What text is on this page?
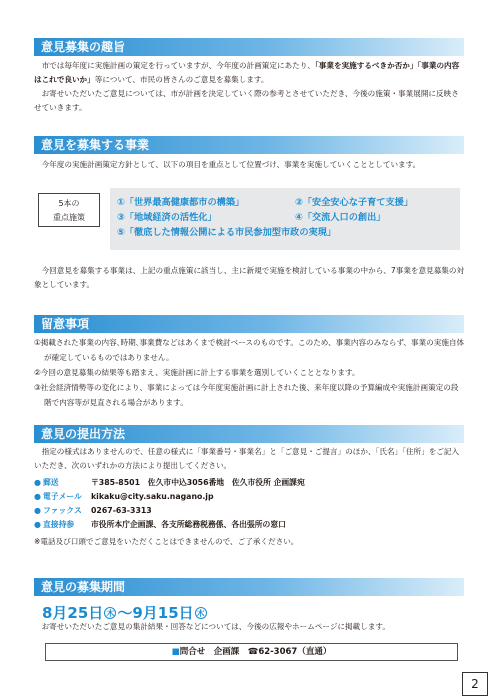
意見募集の趣旨

市では毎年度に実施計画の策定を行っていますが、今年度の計画策定にあたり、「事業を実施するべきか否か」「事業の内容はこれで良いか」等について、市民の皆さんのご意見を募集します。

お寄せいただいたご意見については、市が計画を決定していく際の参考とさせていただき、今後の施策・事業展開に反映させていきます。

意見を募集する事業

今年度の実施計画策定方針として、以下の項目を重点として位置づけ、事業を実施していくこととしています。

5本の
重点施策
①「世界最高健康都市の構築」	②「安全安心な子育て支援」
③「地域経済の活性化」	④「交流人口の創出」
⑤「徹底した情報公開による市民参加型市政の実現」

今回意見を募集する事業は、上記の重点施策に該当し、主に新規で実施を検討している事業の中から、7事業を意見募集の対象としています。

留意事項
①掲載された事業の内容､時期､事業費などはあくまで検討ベースのものです。このため、事業内容のみならず、事業の実施自体が確定しているものではありません。
②今回の意見募集の結果等も踏まえ、実施計画に計上する事業を選別していくこととなります。
③社会経済情勢等の変化により、事業によっては今年度実施計画に計上された後、来年度以降の予算編成や実施計画策定の段階で内容等が見直される場合があります。
意見の提出方法
指定の様式はありませんので、任意の様式に「事業番号・事業名」と「ご意見・ご提言」のほか、「氏名」「住所」をご記入いただき、次のいずれかの方法により提出してください。
● 郵送	〒385-8501　佐久市中込3056番地　佐久市役所 企画課宛
● 電子メール	kikaku@city.saku.nagano.jp
● ファックス	0267-63-3313
● 直接持参	市役所本庁企画課、各支所総務税務係、各出張所の窓口
※電話及び口頭でご意見をいただくことはできませんので、ご了承ください。
意見の募集期間
8月25日 木 ～9月15日 木

お寄せいただいたご意見の集計結果・回答などについては、今後の広報やホームページに掲載します。

■問合せ　企画課　☎62-3067（直通）
2
